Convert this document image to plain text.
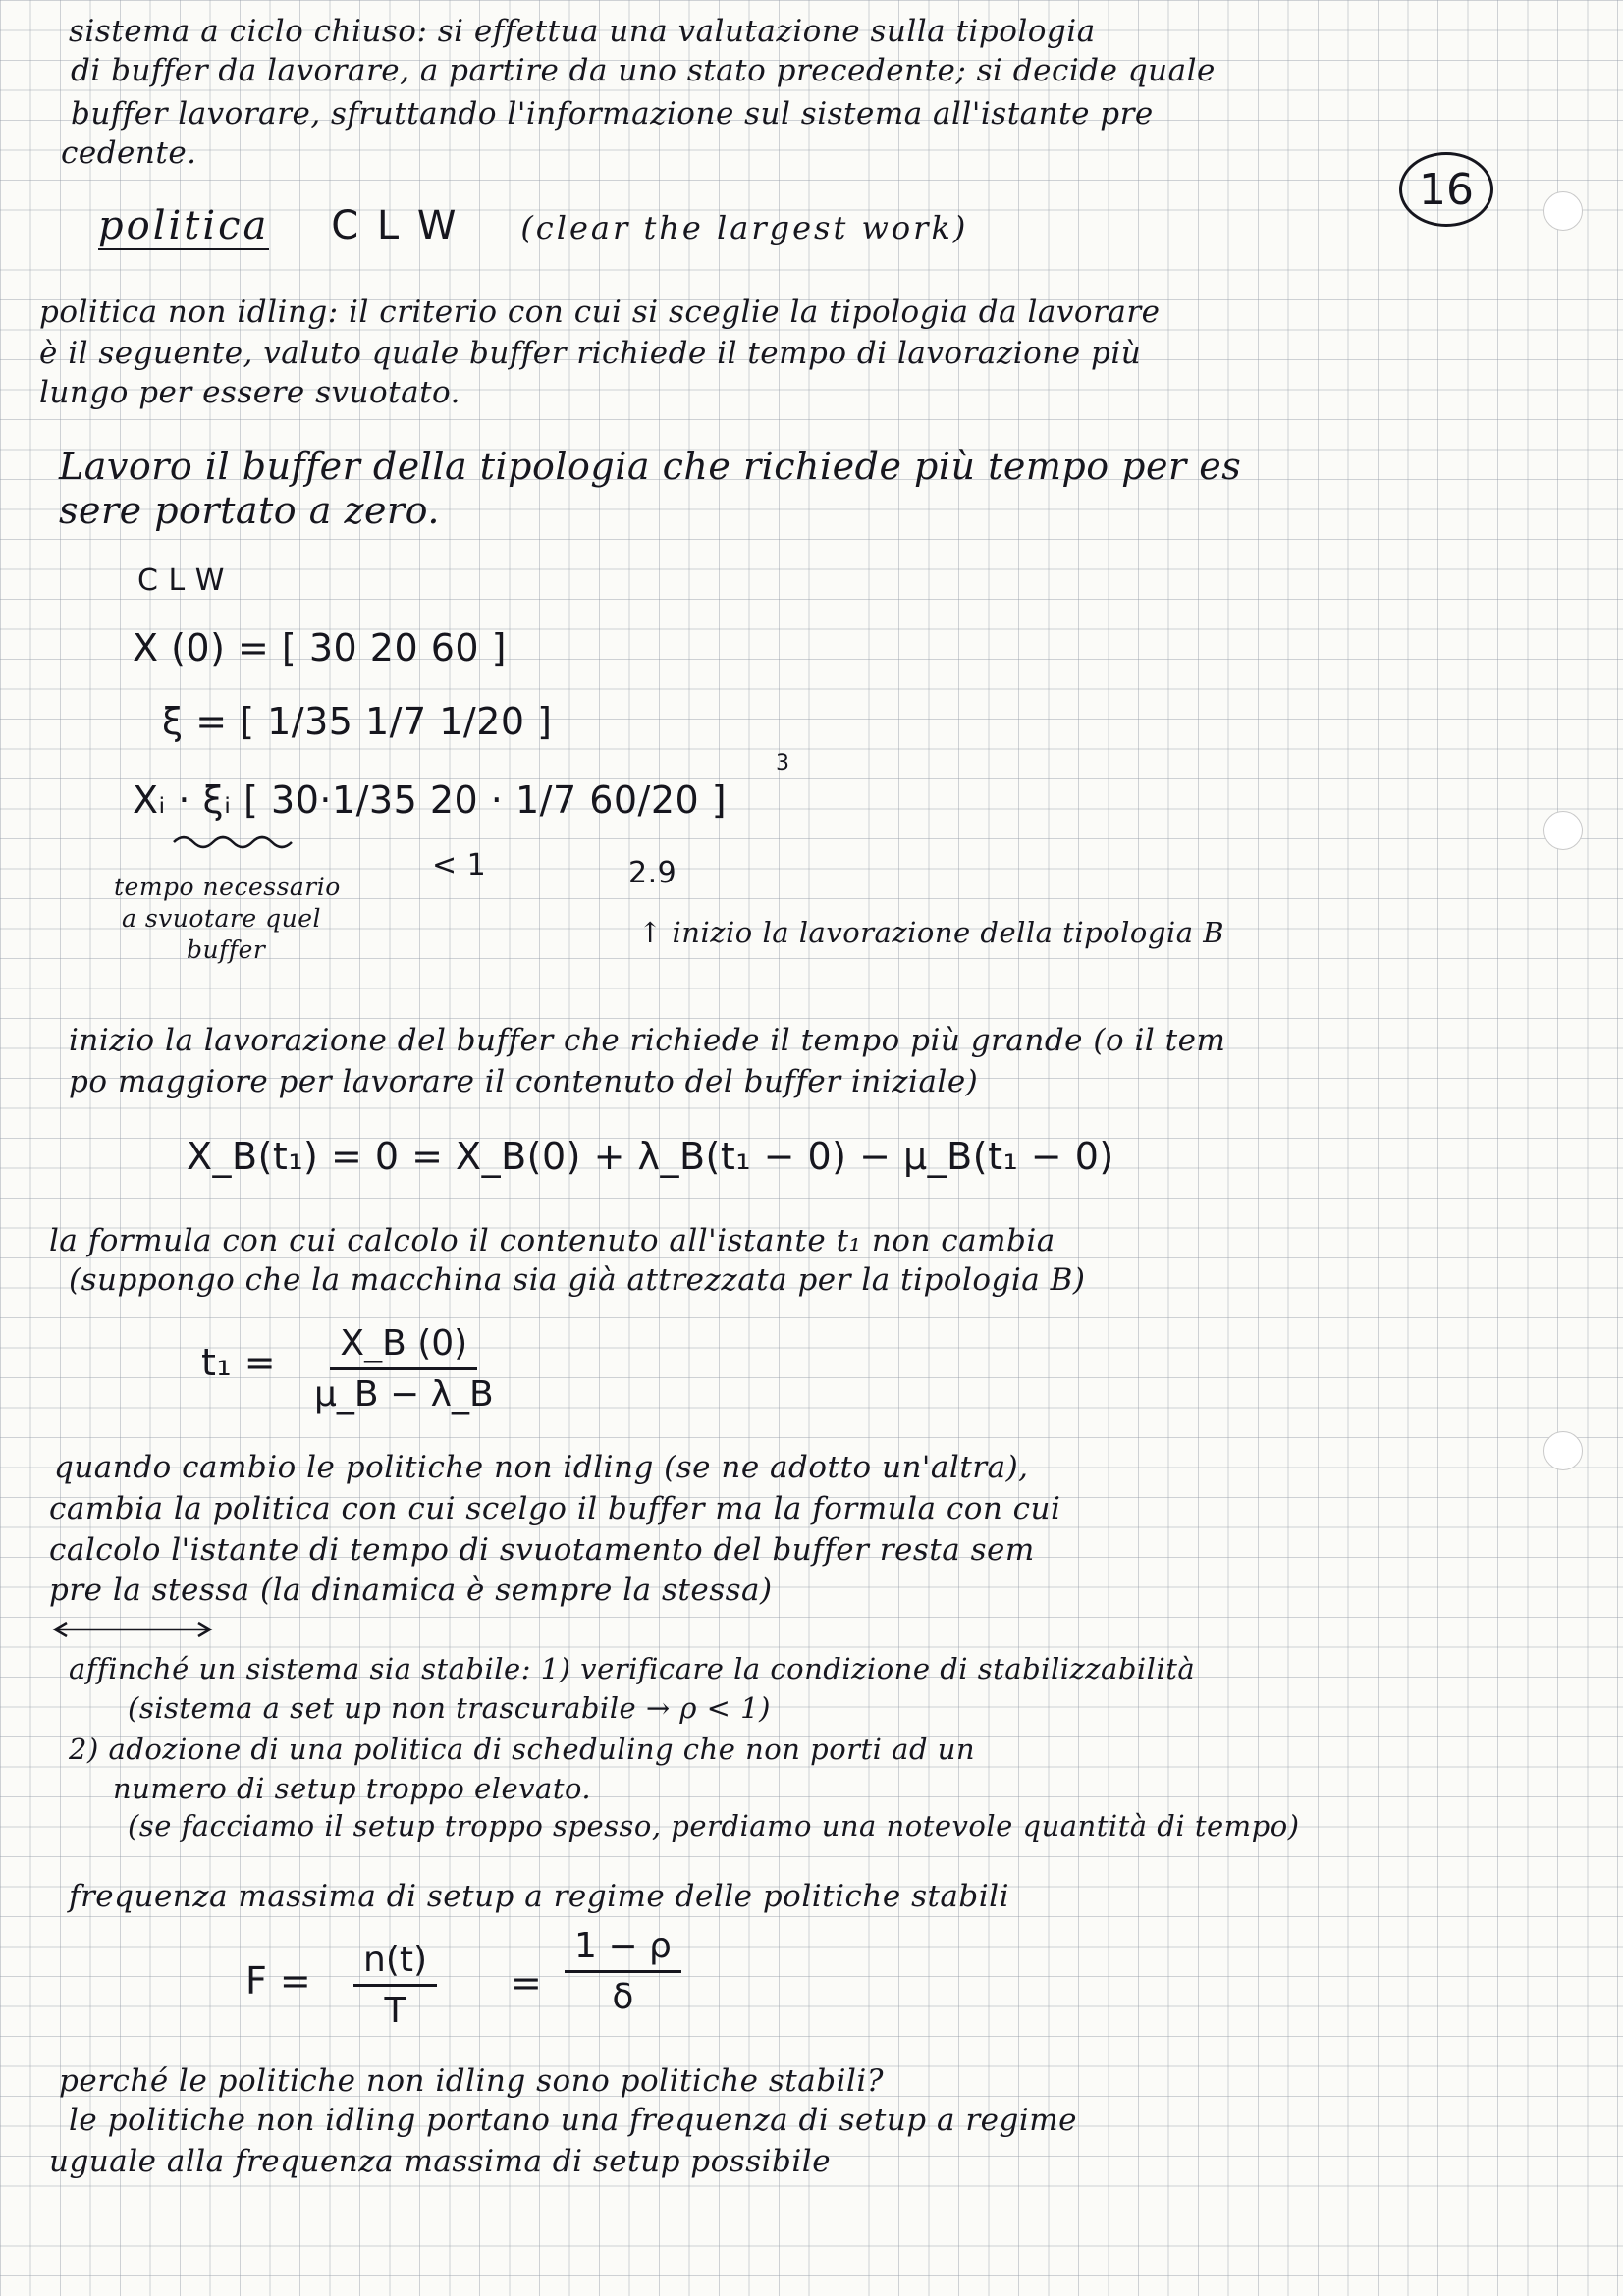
sistema a ciclo chiuso: si effettua una valutazione sulla tipologia
di buffer da lavorare, a partire da uno stato precedente; si decide quale
buffer lavorare, sfruttando l'informazione sul sistema all'istante pre
cedente.
16
politica C L W (clear the largest work)
politica non idling: il criterio con cui si sceglie la tipologia da lavorare
è il seguente, valuto quale buffer richiede il tempo di lavorazione più
lungo per essere svuotato.
Lavoro il buffer della tipologia che richiede più tempo per es
sere portato a zero.
C L W
X (0) = [ 30 20 60 ]
ξ = [ 1/35 1/7 1/20 ]
3
Xᵢ · ξᵢ [ 30·1/35 20 · 1/7 60/20 ]
< 1	2.9
tempo necessario
a svuotare quel
buffer
↑ inizio la lavorazione della tipologia B
inizio la lavorazione del buffer che richiede il tempo più grande (o il tem
po maggiore per lavorare il contenuto del buffer iniziale)
X_B(t₁) = 0 = X_B(0) + λ_B(t₁ − 0) − μ_B(t₁ − 0)
la formula con cui calcolo il contenuto all'istante t₁ non cambia
(suppongo che la macchina sia già attrezzata per la tipologia B)
t₁ =	$\frac{X\_B (0)}{\mu\_B - \lambda\_B}$
quando cambio le politiche non idling (se ne adotto un'altra),
cambia la politica con cui scelgo il buffer ma la formula con cui
calcolo l'istante di tempo di svuotamento del buffer resta sem
pre la stessa (la dinamica è sempre la stessa)
affinché un sistema sia stabile: 1) verificare la condizione di stabilizzabilità
(sistema a set up non trascurabile → ρ < 1)
2) adozione di una politica di scheduling che non porti ad un
numero di setup troppo elevato.
(se facciamo il setup troppo spesso, perdiamo una notevole quantità di tempo)
frequenza massima di setup a regime delle politiche stabili
F =	$\frac{n(t)}{T} = \frac{1 - \rho}{\delta}$
perché le politiche non idling sono politiche stabili?
le politiche non idling portano una frequenza di setup a regime
uguale alla frequenza massima di setup possibile
